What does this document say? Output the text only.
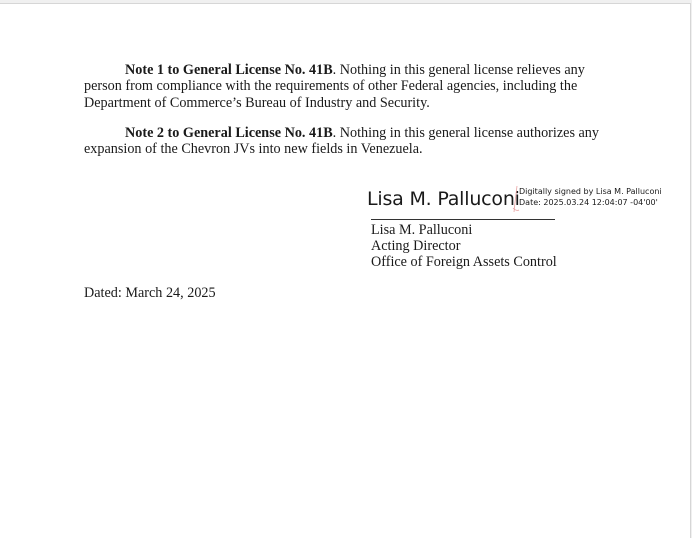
Note 1 to General License No. 41B. Nothing in this general license relieves any person from compliance with the requirements of other Federal agencies, including the Department of Commerce’s Bureau of Industry and Security.

Note 2 to General License No. 41B. Nothing in this general license authorizes any expansion of the Chevron JVs into new fields in Venezuela.

Lisa M. Palluconi Digitally signed by Lisa M. Palluconi
Date: 2025.03.24 12:04:07 -04'00'
Lisa M. Palluconi
Acting Director
Office of Foreign Assets Control

Dated: March 24, 2025
